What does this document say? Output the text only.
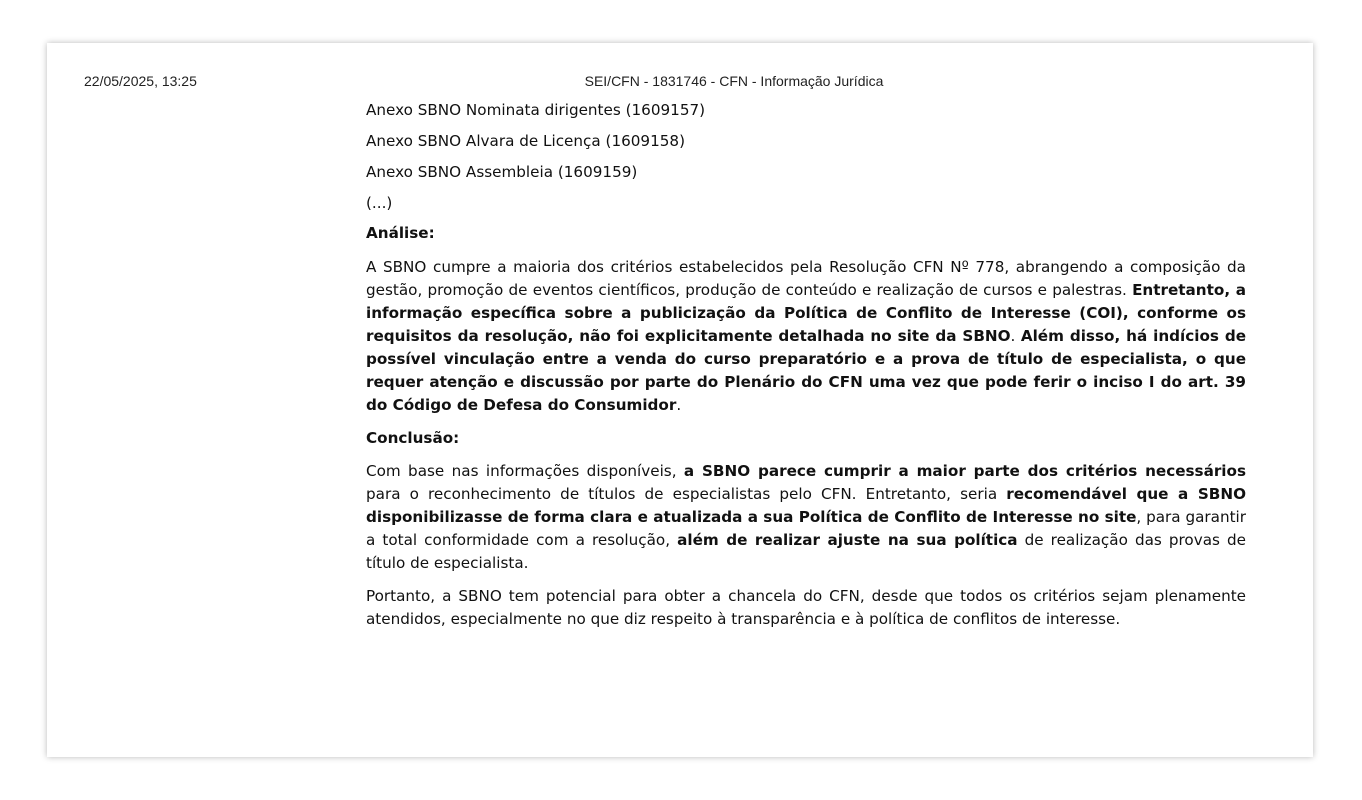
22/05/2025, 13:25	SEI/CFN - 1831746 - CFN - Informação Jurídica

Anexo SBNO Nominata dirigentes (1609157)

Anexo SBNO Alvara de Licença (1609158)

Anexo SBNO Assembleia (1609159)

(...)

Análise:

A SBNO cumpre a maioria dos critérios estabelecidos pela Resolução CFN Nº 778, abrangendo a composição da gestão, promoção de eventos científicos, produção de conteúdo e realização de cursos e palestras. Entretanto, a informação específica sobre a publicização da Política de Conflito de Interesse (COI), conforme os requisitos da resolução, não foi explicitamente detalhada no site da SBNO. Além disso, há indícios de possível vinculação entre a venda do curso preparatório e a prova de título de especialista, o que requer atenção e discussão por parte do Plenário do CFN uma vez que pode ferir o inciso I do art. 39 do Código de Defesa do Consumidor.

Conclusão:

Com base nas informações disponíveis, a SBNO parece cumprir a maior parte dos critérios necessários para o reconhecimento de títulos de especialistas pelo CFN. Entretanto, seria recomendável que a SBNO disponibilizasse de forma clara e atualizada a sua Política de Conflito de Interesse no site, para garantir a total conformidade com a resolução, além de realizar ajuste na sua política de realização das provas de título de especialista.

Portanto, a SBNO tem potencial para obter a chancela do CFN, desde que todos os critérios sejam plenamente atendidos, especialmente no que diz respeito à transparência e à política de conflitos de interesse.
